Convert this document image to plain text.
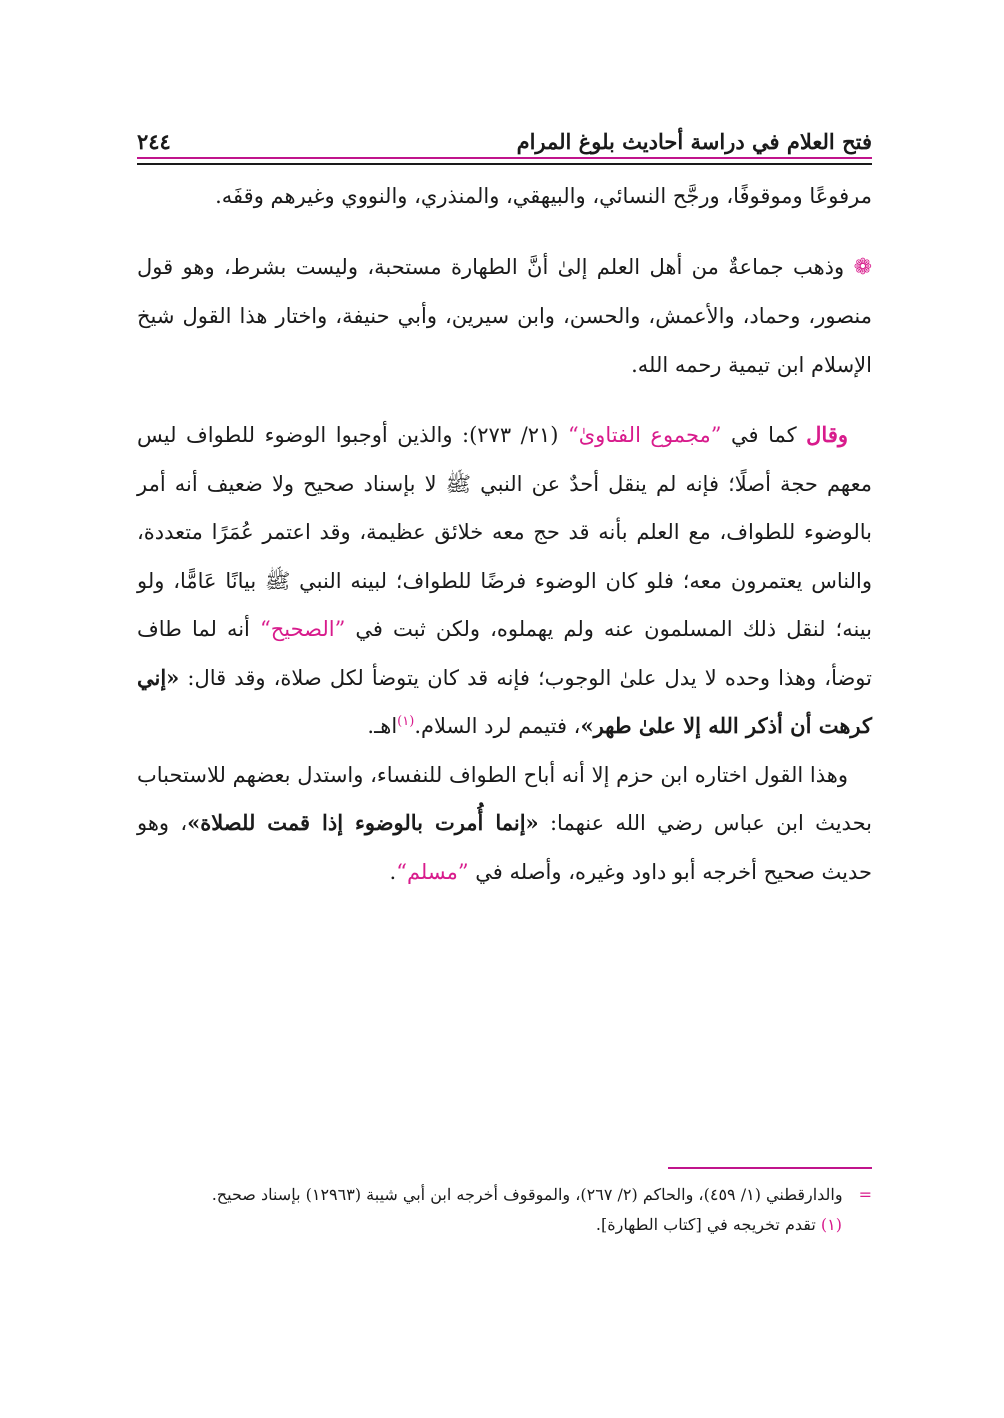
٢٤٤	فتح العلام في دراسة أحاديث بلوغ المرام

مرفوعًا وموقوفًا، ورجَّح النسائي، والبيهقي، والمنذري، والنووي وغيرهم وقفَه.

❁ وذهب جماعةٌ من أهل العلم إلىٰ أنَّ الطهارة مستحبة، وليست بشرط، وهو قول منصور، وحماد، والأعمش، والحسن، وابن سيرين، وأبي حنيفة، واختار هذا القول شيخ الإسلام ابن تيمية رحمه الله.

وقال كما في ”مجموع الفتاوىٰ“ (٢١/ ٢٧٣): والذين أوجبوا الوضوء للطواف ليس معهم حجة أصلًا؛ فإنه لم ينقل أحدٌ عن النبي ﷺ لا بإسناد صحيح ولا ضعيف أنه أمر بالوضوء للطواف، مع العلم بأنه قد حج معه خلائق عظيمة، وقد اعتمر عُمَرًا متعددة، والناس يعتمرون معه؛ فلو كان الوضوء فرضًا للطواف؛ لبينه النبي ﷺ بيانًا عَامًّا، ولو بينه؛ لنقل ذلك المسلمون عنه ولم يهملوه، ولكن ثبت في ”الصحيح“ أنه لما طاف توضأ، وهذا وحده لا يدل علىٰ الوجوب؛ فإنه قد كان يتوضأ لكل صلاة، وقد قال: «إني كرهت أن أذكر الله إلا علىٰ طهر»، فتيمم لرد السلام.$^{(١)}$اهـ.

وهذا القول اختاره ابن حزم إلا أنه أباح الطواف للنفساء، واستدل بعضهم للاستحباب بحديث ابن عباس رضي الله عنهما: «إنما أُمرت بالوضوء إذا قمت للصلاة»، وهو حديث صحيح أخرجه أبو داود وغيره، وأصله في ”مسلم“.

=والدارقطني (١/ ٤٥٩)، والحاكم (٢/ ٢٦٧)، والموقوف أخرجه ابن أبي شيبة (١٢٩٦٣) بإسناد صحيح.

(١) تقدم تخريجه في [كتاب الطهارة].
